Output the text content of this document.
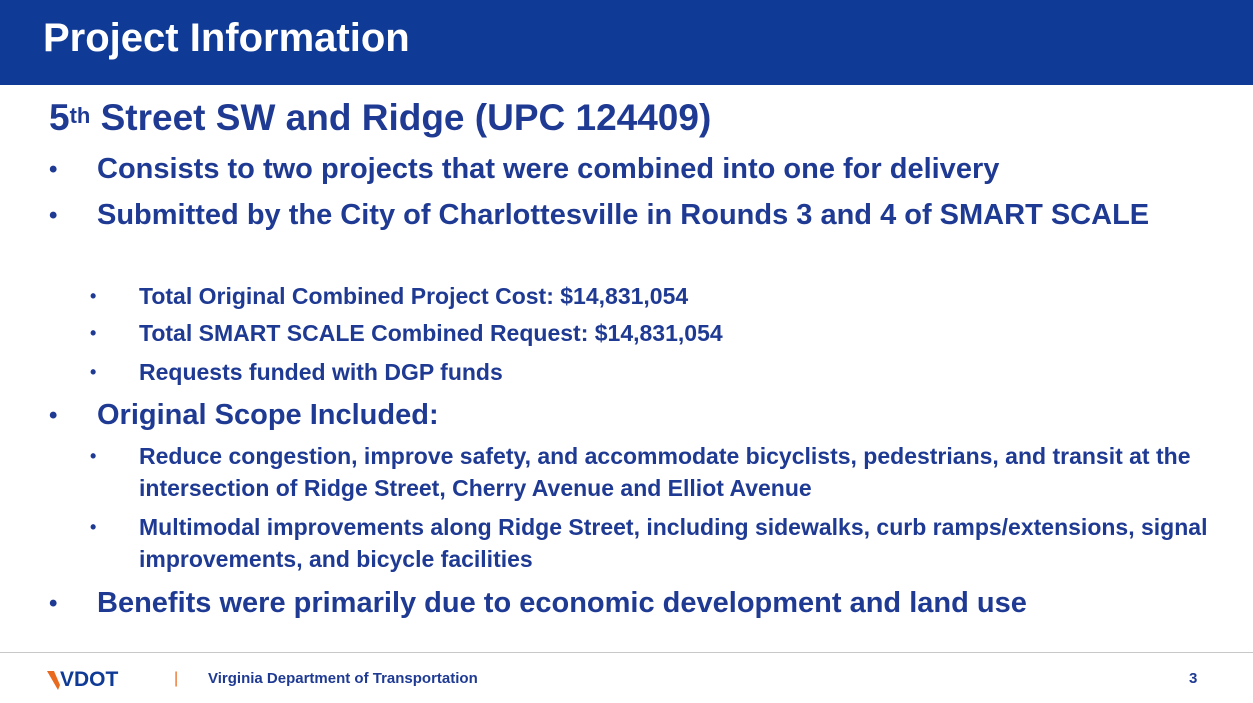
Project Information
5th Street SW and Ridge (UPC 124409)
• Consists to two projects that were combined into one for delivery
• Submitted by the City of Charlottesville in Rounds 3 and 4 of SMART SCALE
• Total Original Combined Project Cost: $14,831,054
• Total SMART SCALE Combined Request: $14,831,054
• Requests funded with DGP funds
• Original Scope Included:
• Reduce congestion, improve safety, and accommodate bicyclists, pedestrians, and transit at the intersection of Ridge Street, Cherry Avenue and Elliot Avenue
• Multimodal improvements along Ridge Street, including sidewalks, curb ramps/extensions, signal improvements, and bicycle facilities
• Benefits were primarily due to economic development and land use
VDOT	| Virginia Department of Transportation	3
